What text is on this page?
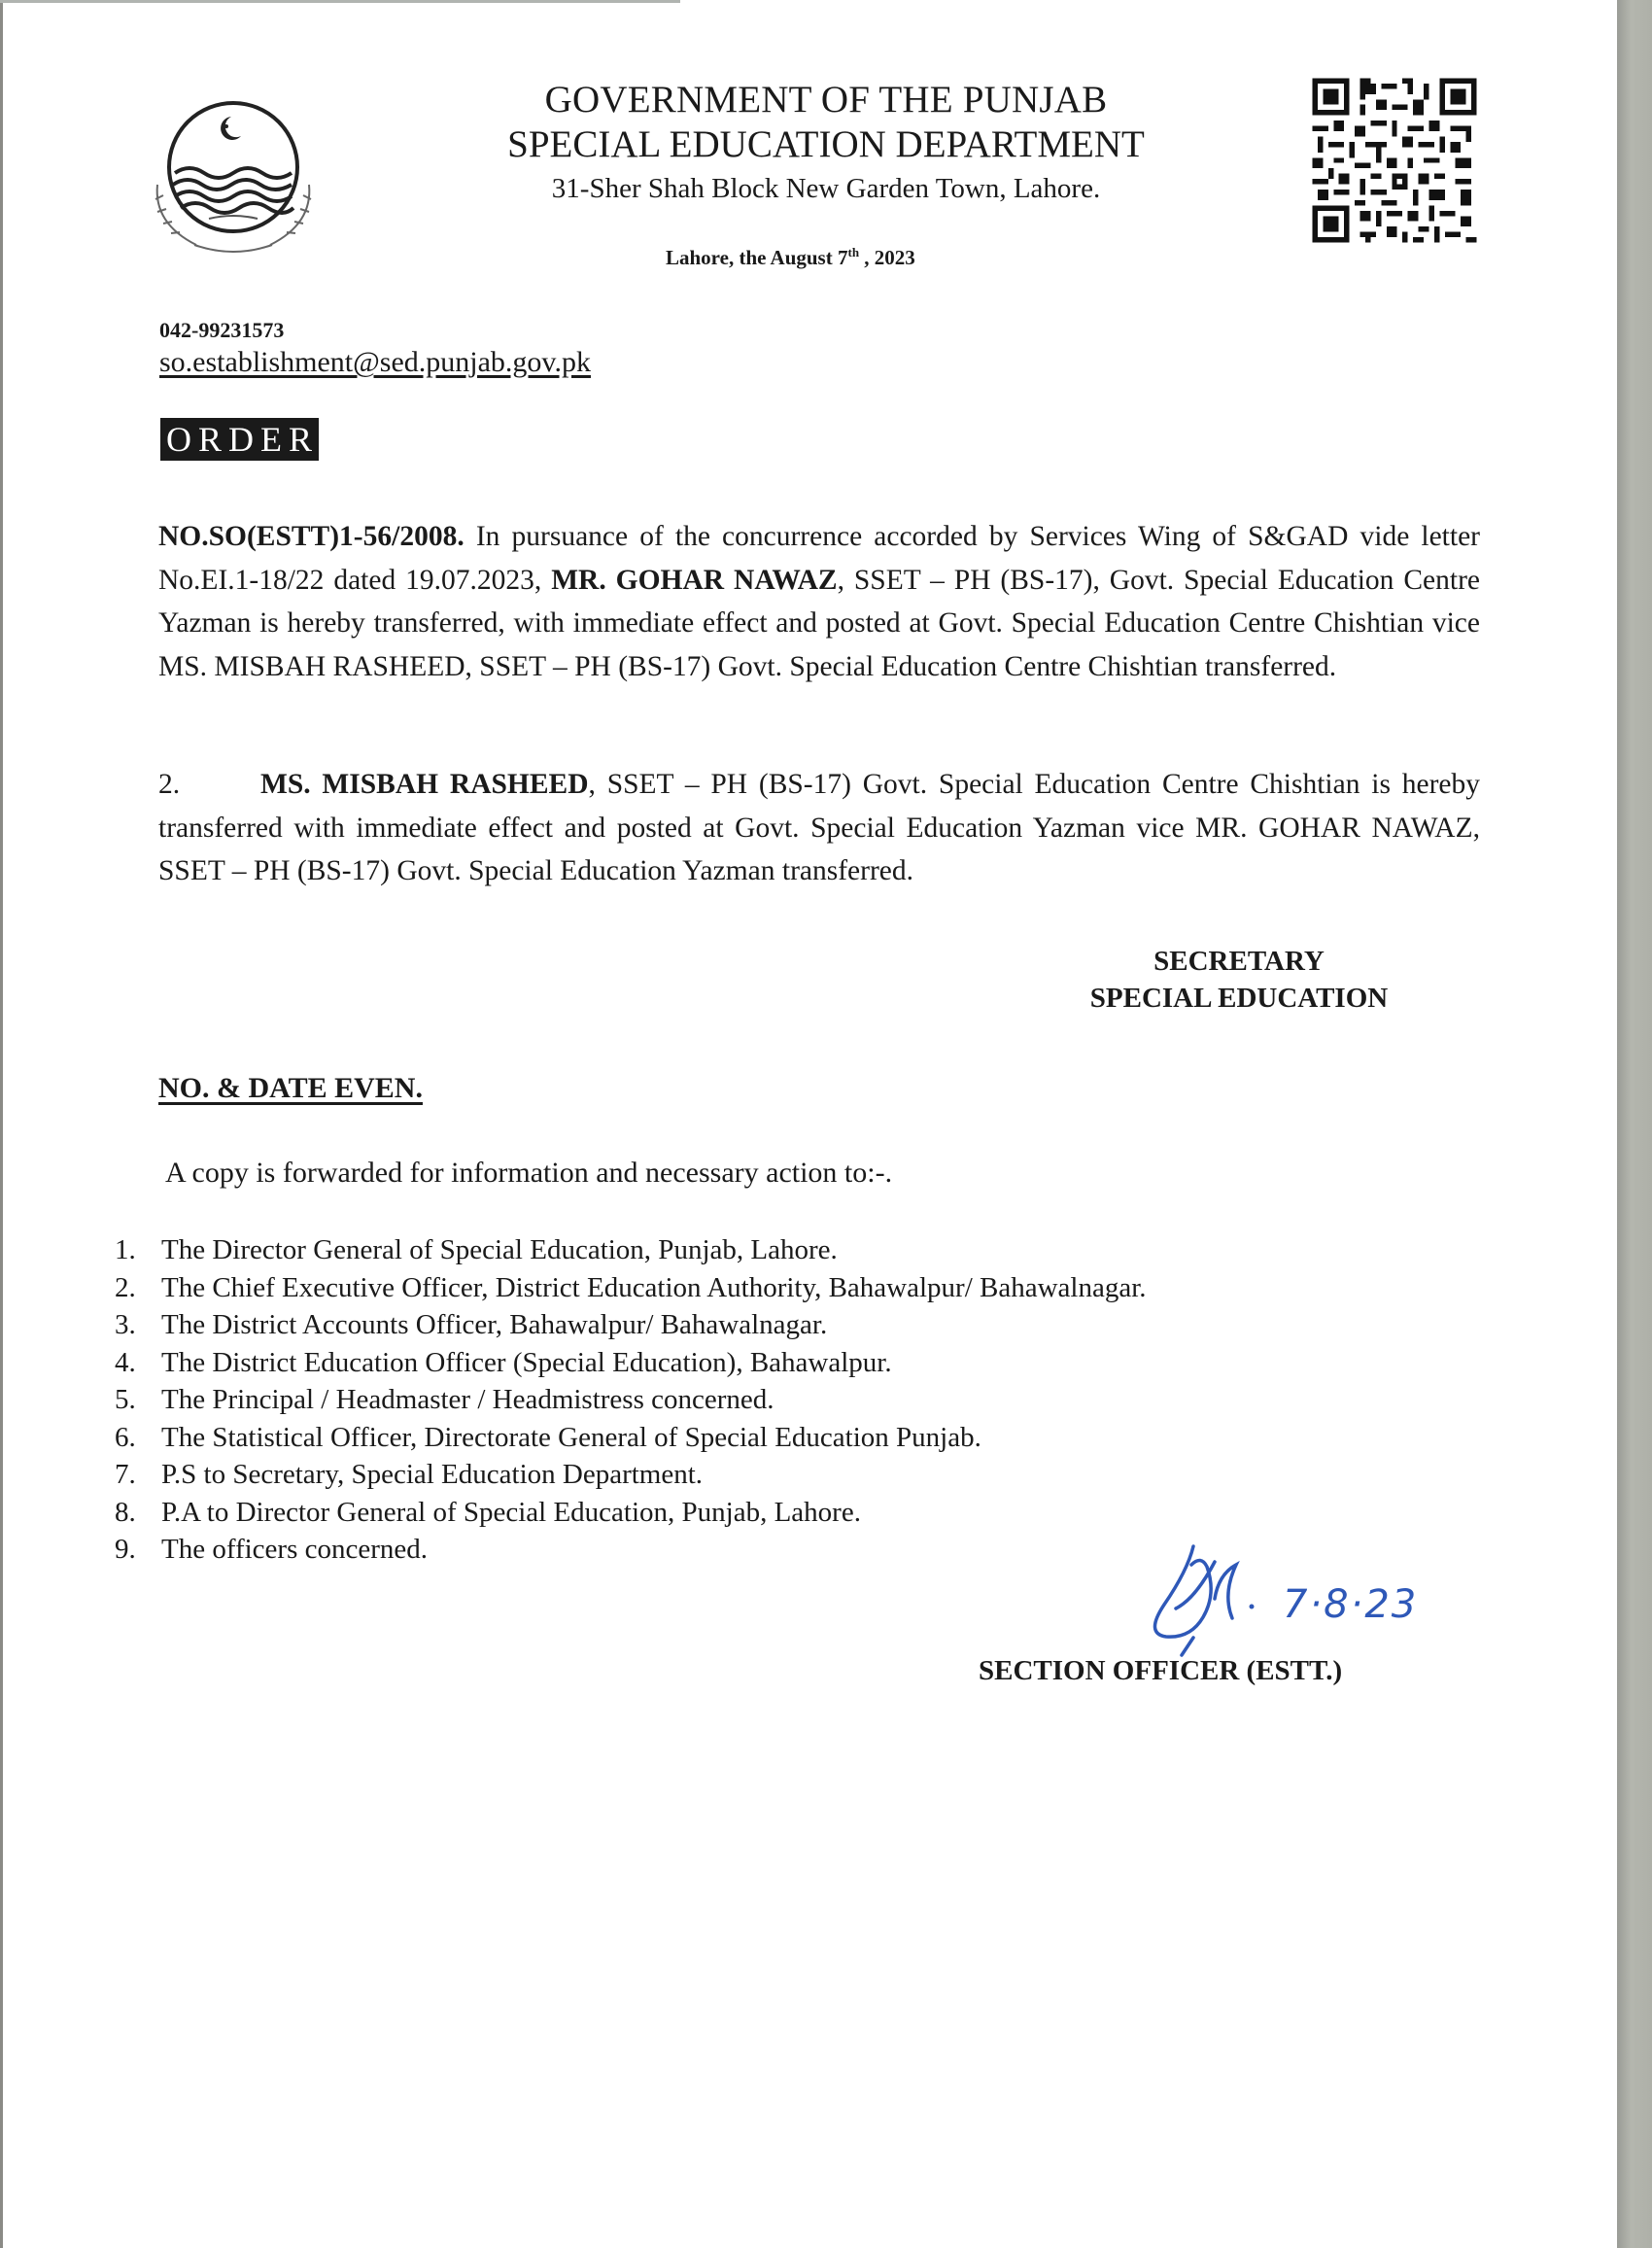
GOVERNMENT OF THE PUNJAB
SPECIAL EDUCATION DEPARTMENT
31-Sher Shah Block New Garden Town, Lahore.
Lahore, the August 7th , 2023
042-99231573
so.establishment@sed.punjab.gov.pk
ORDER
NO.SO(ESTT)1-56/2008. In pursuance of the concurrence accorded by Services Wing of S&GAD vide letter No.EI.1-18/22 dated 19.07.2023, MR. GOHAR NAWAZ, SSET – PH (BS-17), Govt. Special Education Centre Yazman is hereby transferred, with immediate effect and posted at Govt. Special Education Centre Chishtian vice MS. MISBAH RASHEED, SSET – PH (BS-17) Govt. Special Education Centre Chishtian transferred.
2.	MS. MISBAH RASHEED, SSET – PH (BS-17) Govt. Special Education Centre Chishtian is hereby transferred with immediate effect and posted at Govt. Special Education Yazman vice MR. GOHAR NAWAZ, SSET – PH (BS-17) Govt. Special Education Yazman transferred.
SECRETARY
SPECIAL EDUCATION
NO. & DATE EVEN.
A copy is forwarded for information and necessary action to:-.
1. The Director General of Special Education, Punjab, Lahore.
2. The Chief Executive Officer, District Education Authority, Bahawalpur/ Bahawalnagar.
3. The District Accounts Officer, Bahawalpur/ Bahawalnagar.
4. The District Education Officer (Special Education), Bahawalpur.
5. The Principal / Headmaster / Headmistress concerned.
6. The Statistical Officer, Directorate General of Special Education Punjab.
7. P.S to Secretary, Special Education Department.
8. P.A to Director General of Special Education, Punjab, Lahore.
9. The officers concerned.
7·8·23
SECTION OFFICER (ESTT.)
